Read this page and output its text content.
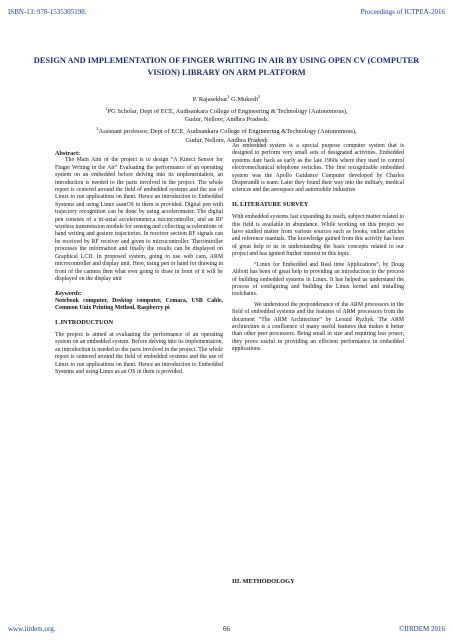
ISBN-13: 978-1535305198.	Proceedings of ICTPEA-2016
DESIGN AND IMPLEMENTATION OF FINGER WRITING IN AIR BY USING OPEN CV (COMPUTER VISION) LIBRARY ON ARM PLATFORM
P. Rajasekhar$^1$ G.Mukesh$^2$
$^1$PG Scholar, Dept of ECE, Audisankara College of Engineering & Technology (Autonomous),
Gudur, Nellore, Andhra Pradesh.
$^2$Assistant professor, Dept of ECE, Audisankara College of Engineering &Technology (Autonomous),
Gudur, Nellore, Andhra Pradesh

Abstract:

The Main Aim of the project is to design “A Kinect Sensor for Finger Writing in the Air” Evaluating the performance of an operating system on an embedded before delving into its implementation, an introduction is needed to the parts involved in the project. The whole report is centered around the field of embedded systems and the use of Linux to run applications on them. Hence an introduction to Embedded Systems and using Linux asanOS in them is provided. Digital pen with trajectory recognition can be done by using accelerometer. The digital pen consists of a tri-axial accelerometer,a microcontroller, and an RF wireless transmission module for sensing and collecting accelerations of hand writing and gesture trajectories. In receiver section RF signals can be received by RF receiver and given to microcontroller. Thecontroller processes the information and finally the results can be displayed on Graphical LCD. In proposed system, going to use web cam, ARM microcontroller and display unit. Here, using pen or hand for drawing in front of the camera then what ever going to draw in front of it will be displayed on the display unit

Keywords:

Notebook computer, Desktop computer, Cemara, USB Cable, Common Unix Printing Method, Raspberry pi

I .INTRODUCTUON

The project is aimed at evaluating the performance of an operating system on an embedded system. Before delving into its implementation, an introduction is needed to the parts involved in the project. The whole report is centered around the field of embedded systems and the use of Linux to run applications on them. Hence an introduction to Embedded Systems and using Linux as an OS in them is provided.

An embedded system is a special purpose computer system that is designed to perform very small sets of designated activities. Embedded systems date back as early as the late 1960s where they used to control electromechanical telephone switches. The first recognizable embedded system was the Apollo Guidance Computer developed by Charles Draperandh is team. Later they found their way into the military, medical sciences and the aerospace and automobile industries

II. LITERATURE SURVEY

With embedded systems fast expanding its reach, subject matter related to this field is available in abundance. While working on this project we have studied matter from various sources such as books, online articles and reference manuals. The knowledge gained from this activity has been of great help to us in understanding the basic concepts related to our project and has ignited further interest in this topic.

“Linux for Embedded and Real time Applications”, by Doug Abbott has been of great help in providing an introduction to the process of building embedded systems in Linux. It has helped us understand the process of configuring and building the Linux kernel and installing toolchains.

We understood the preponderance of the ARM processors in the field of embedded systems and the features of ARM processors from the document “The ARM Architecture” by Leonid Ryzhyk. The ARM architecture is a confluence of many useful features that makes it better than other peer processors. Being small in size and requiring less power, they prove useful in providing an efficient performance in embedded applications.

III. METHODOLOGY
www.iirdem.org.	66	©IIRDEM 2016
